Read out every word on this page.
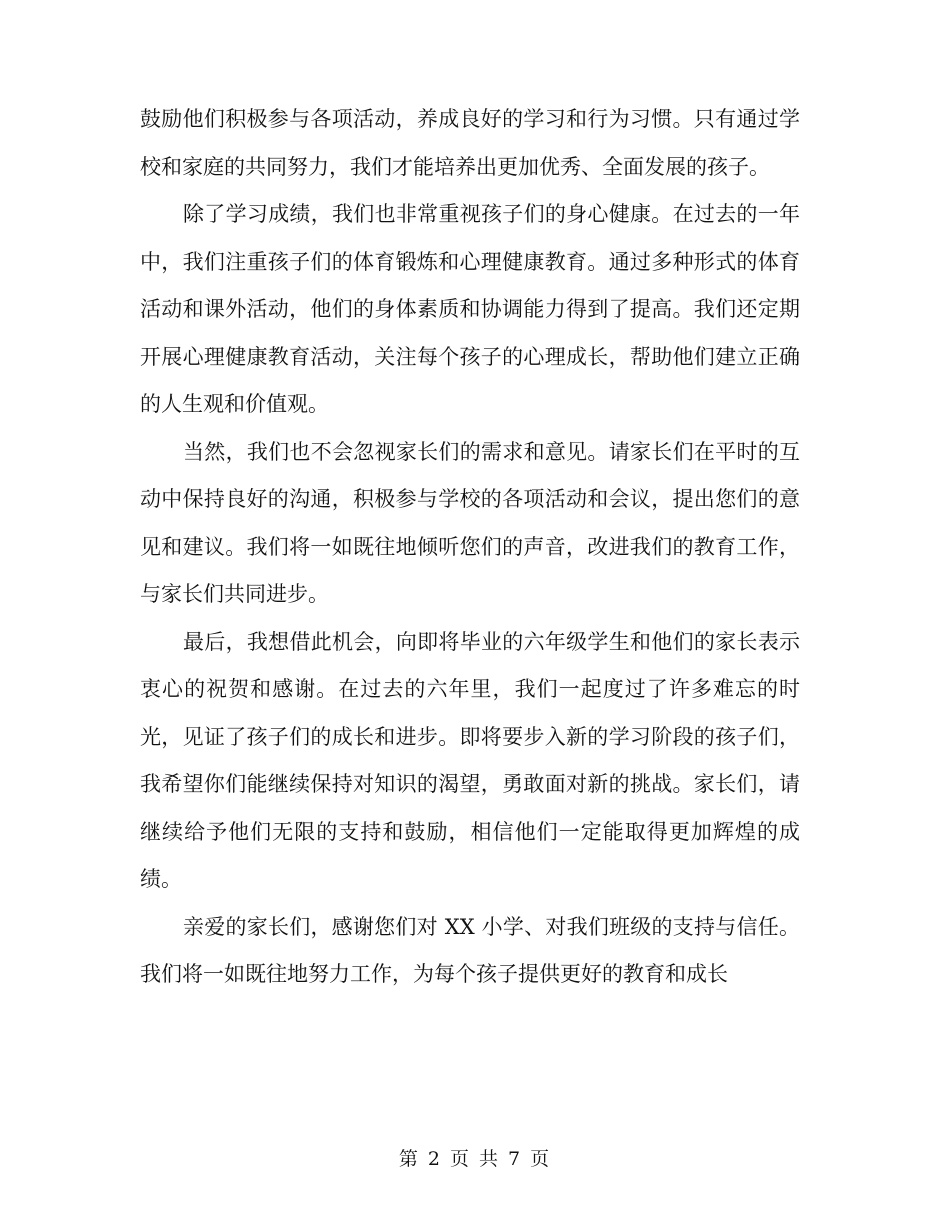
鼓励他们积极参与各项活动，养成良好的学习和行为习惯。只有通过学校和家庭的共同努力，我们才能培养出更加优秀、全面发展的孩子。

除了学习成绩，我们也非常重视孩子们的身心健康。在过去的一年中，我们注重孩子们的体育锻炼和心理健康教育。通过多种形式的体育活动和课外活动，他们的身体素质和协调能力得到了提高。我们还定期开展心理健康教育活动，关注每个孩子的心理成长，帮助他们建立正确的人生观和价值观。

当然，我们也不会忽视家长们的需求和意见。请家长们在平时的互动中保持良好的沟通，积极参与学校的各项活动和会议，提出您们的意见和建议。我们将一如既往地倾听您们的声音，改进我们的教育工作，与家长们共同进步。

最后，我想借此机会，向即将毕业的六年级学生和他们的家长表示衷心的祝贺和感谢。在过去的六年里，我们一起度过了许多难忘的时光，见证了孩子们的成长和进步。即将要步入新的学习阶段的孩子们，我希望你们能继续保持对知识的渴望，勇敢面对新的挑战。家长们，请继续给予他们无限的支持和鼓励，相信他们一定能取得更加辉煌的成绩。

亲爱的家长们，感谢您们对 XX 小学、对我们班级的支持与信任。我们将一如既往地努力工作，为每个孩子提供更好的教育和成长

第 2 页 共 7 页
